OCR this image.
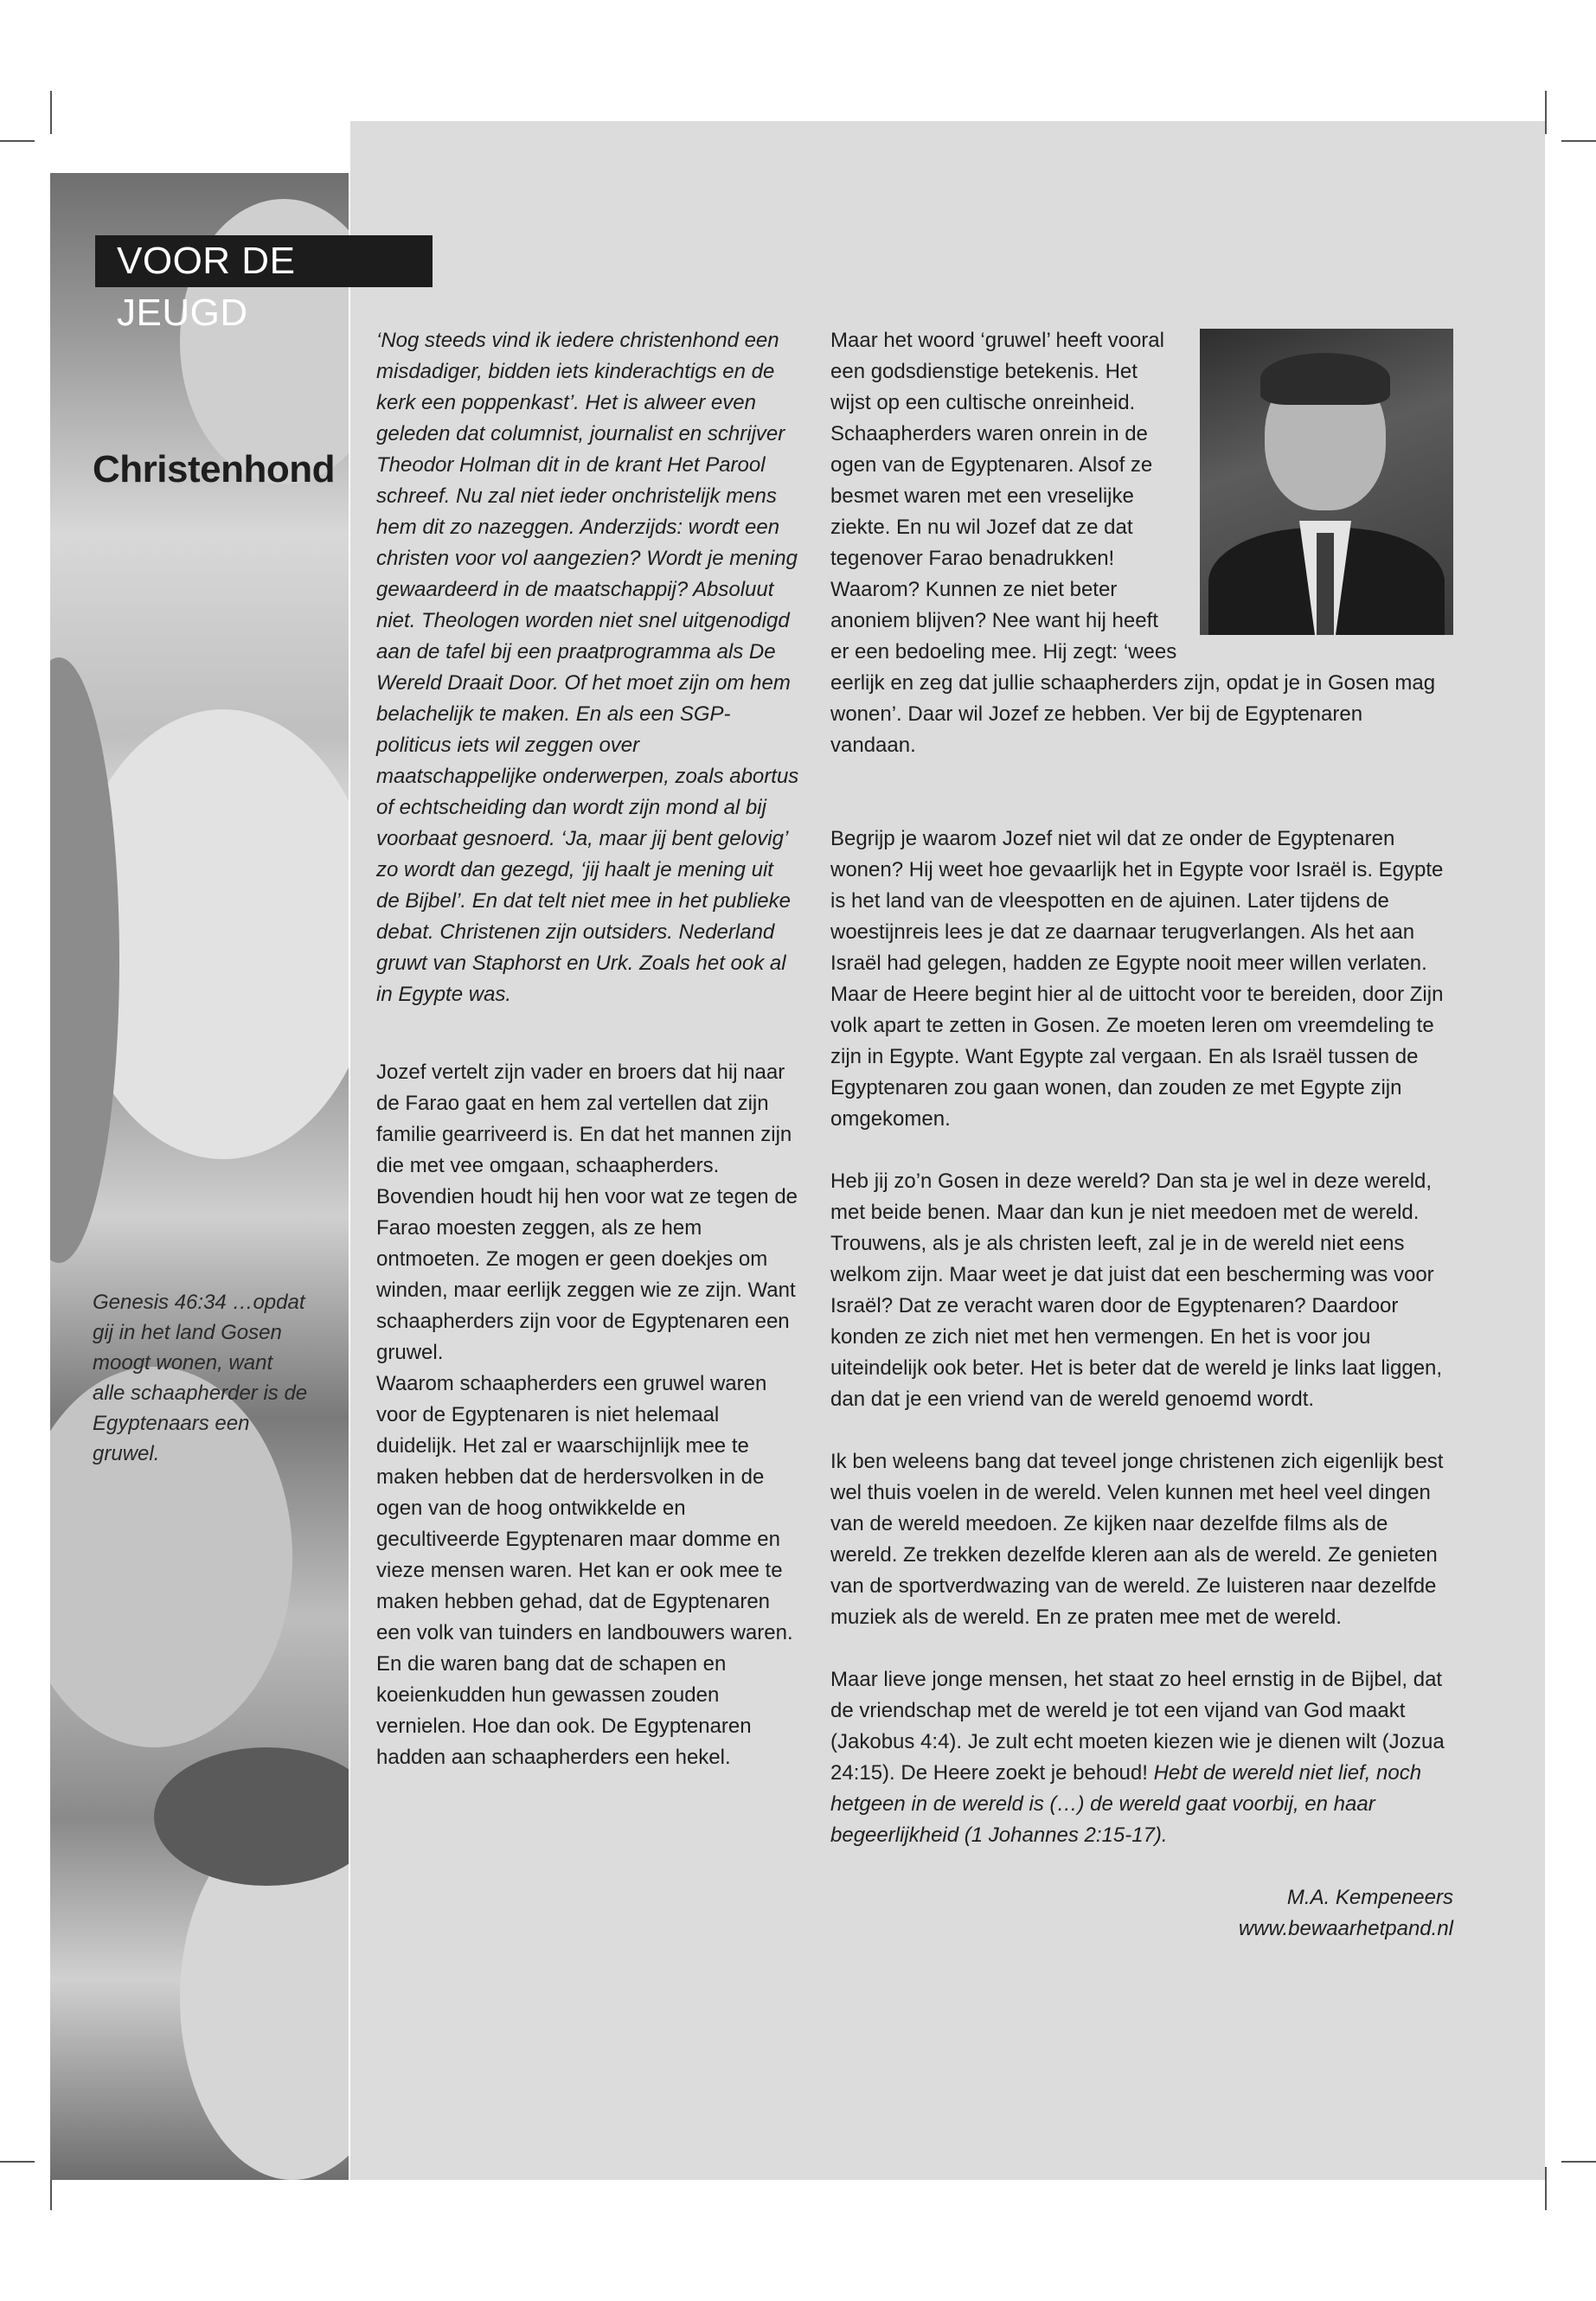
VOOR DE JEUGD
Christenhond

Genesis 46:34 …opdat gij in het land Gosen moogt wonen, want alle schaapherder is de Egyptenaars een gruwel.

‘Nog steeds vind ik iedere christenhond een misdadiger, bidden iets kinderachtigs en de kerk een poppenkast’. Het is alweer even geleden dat columnist, journalist en schrijver Theodor Holman dit in de krant Het Parool schreef. Nu zal niet ieder onchristelijk mens hem dit zo nazeggen. Anderzijds: wordt een christen voor vol aangezien? Wordt je mening gewaardeerd in de maatschappij? Absoluut niet. Theologen worden niet snel uitgenodigd aan de tafel bij een praatprogramma als De Wereld Draait Door. Of het moet zijn om hem belachelijk te maken. En als een SGP-politicus iets wil zeggen over maatschappelijke onderwerpen, zoals abortus of echtscheiding dan wordt zijn mond al bij voorbaat gesnoerd. ‘Ja, maar jij bent gelovig’ zo wordt dan gezegd, ‘jij haalt je mening uit de Bijbel’. En dat telt niet mee in het publieke debat. Christenen zijn outsiders. Nederland gruwt van Staphorst en Urk. Zoals het ook al in Egypte was.

Jozef vertelt zijn vader en broers dat hij naar de Farao gaat en hem zal vertellen dat zijn familie gearriveerd is. En dat het mannen zijn die met vee omgaan, schaapherders. Bovendien houdt hij hen voor wat ze tegen de Farao moesten zeggen, als ze hem ontmoeten. Ze mogen er geen doekjes om winden, maar eerlijk zeggen wie ze zijn. Want schaapherders zijn voor de Egyptenaren een gruwel.

Waarom schaapherders een gruwel waren voor de Egyptenaren is niet helemaal duidelijk. Het zal er waarschijnlijk mee te maken hebben dat de herdersvolken in de ogen van de hoog ontwikkelde en gecultiveerde Egyptenaren maar domme en vieze mensen waren. Het kan er ook mee te maken hebben gehad, dat de Egyptenaren een volk van tuinders en landbouwers waren. En die waren bang dat de schapen en koeienkudden hun gewassen zouden vernielen. Hoe dan ook. De Egyptenaren hadden aan schaapherders een hekel.

Maar het woord ‘gruwel’ heeft vooral een godsdienstige betekenis. Het wijst op een cultische onreinheid. Schaapherders waren onrein in de ogen van de Egyptenaren. Alsof ze besmet waren met een vreselijke ziekte. En nu wil Jozef dat ze dat tegenover Farao benadrukken! Waarom? Kunnen ze niet beter anoniem blijven? Nee want hij heeft er een bedoeling mee. Hij zegt: ‘wees eerlijk en zeg dat jullie schaapherders zijn, opdat je in Gosen mag wonen’. Daar wil Jozef ze hebben. Ver bij de Egyptenaren vandaan.

Begrijp je waarom Jozef niet wil dat ze onder de Egyptenaren wonen? Hij weet hoe gevaarlijk het in Egypte voor Israël is. Egypte is het land van de vleespotten en de ajuinen. Later tijdens de woestijnreis lees je dat ze daarnaar terugverlangen. Als het aan Israël had gelegen, hadden ze Egypte nooit meer willen verlaten. Maar de Heere begint hier al de uittocht voor te bereiden, door Zijn volk apart te zetten in Gosen. Ze moeten leren om vreemdeling te zijn in Egypte. Want Egypte zal vergaan. En als Israël tussen de Egyptenaren zou gaan wonen, dan zouden ze met Egypte zijn omgekomen.

Heb jij zo’n Gosen in deze wereld? Dan sta je wel in deze wereld, met beide benen. Maar dan kun je niet meedoen met de wereld. Trouwens, als je als christen leeft, zal je in de wereld niet eens welkom zijn. Maar weet je dat juist dat een bescherming was voor Israël? Dat ze veracht waren door de Egyptenaren? Daardoor konden ze zich niet met hen vermengen. En het is voor jou uiteindelijk ook beter. Het is beter dat de wereld je links laat liggen, dan dat je een vriend van de wereld genoemd wordt.

Ik ben weleens bang dat teveel jonge christenen zich eigenlijk best wel thuis voelen in de wereld. Velen kunnen met heel veel dingen van de wereld meedoen. Ze kijken naar dezelfde films als de wereld. Ze trekken dezelfde kleren aan als de wereld. Ze genieten van de sportverdwazing van de wereld. Ze luisteren naar dezelfde muziek als de wereld. En ze praten mee met de wereld.

Maar lieve jonge mensen, het staat zo heel ernstig in de Bijbel, dat de vriendschap met de wereld je tot een vijand van God maakt (Jakobus 4:4). Je zult echt moeten kiezen wie je dienen wilt (Jozua 24:15). De Heere zoekt je behoud! Hebt de wereld niet lief, noch hetgeen in de wereld is (…) de wereld gaat voorbij, en haar begeerlijkheid (1 Johannes 2:15-17).

M.A. Kempeneers

www.bewaarhetpand.nl
